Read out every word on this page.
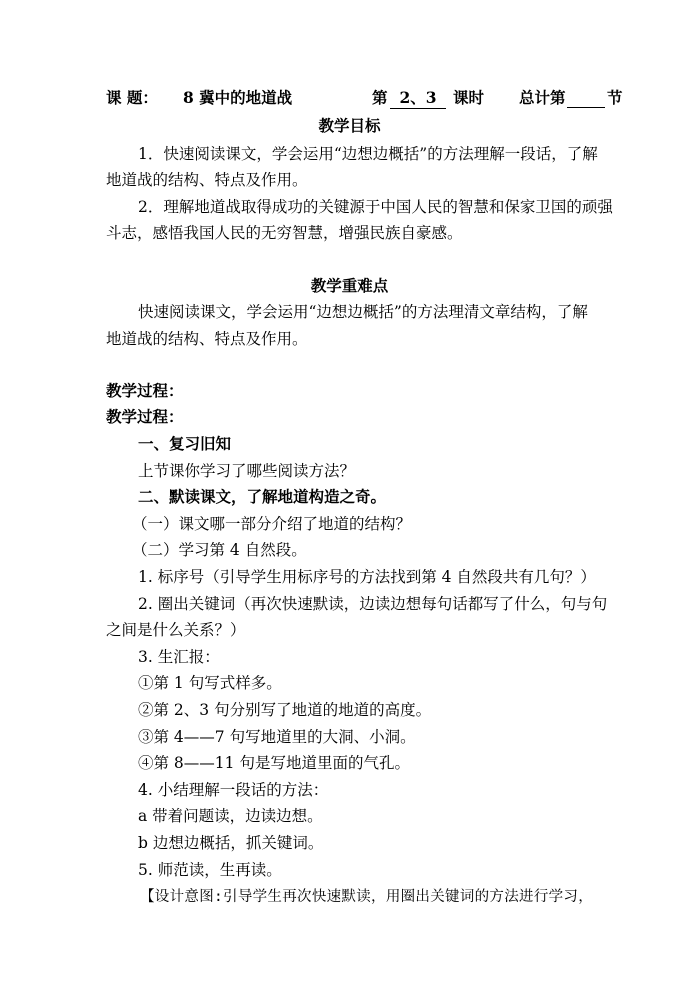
课 题： 8 冀中的地道战	第 2、3	课时 总计第	节
教学目标
1．快速阅读课文，学会运用“边想边概括”的方法理解一段话，了解
地道战的结构、特点及作用。
2．理解地道战取得成功的关键源于中国人民的智慧和保家卫国的顽强
斗志，感悟我国人民的无穷智慧，增强民族自豪感。
教学重难点
快速阅读课文，学会运用“边想边概括”的方法理清文章结构，了解
地道战的结构、特点及作用。
教学过程：
教学过程：
一、复习旧知
上节课你学习了哪些阅读方法？
二、默读课文，了解地道构造之奇。
（一）课文哪一部分介绍了地道的结构？
（二）学习第 4 自然段。
1. 标序号（引导学生用标序号的方法找到第 4 自然段共有几句？）
2. 圈出关键词（再次快速默读，边读边想每句话都写了什么，句与句
之间是什么关系？）
3. 生汇报：
①第 1 句写式样多。
②第 2、3 句分别写了地道的地道的高度。
③第 4——7 句写地道里的大洞、小洞。
④第 8——11 句是写地道里面的气孔。
4. 小结理解一段话的方法：
a 带着问题读，边读边想。
b 边想边概括，抓关键词。
5. 师范读，生再读。
【设计意图:引导学生再次快速默读，用圈出关键词的方法进行学习，
